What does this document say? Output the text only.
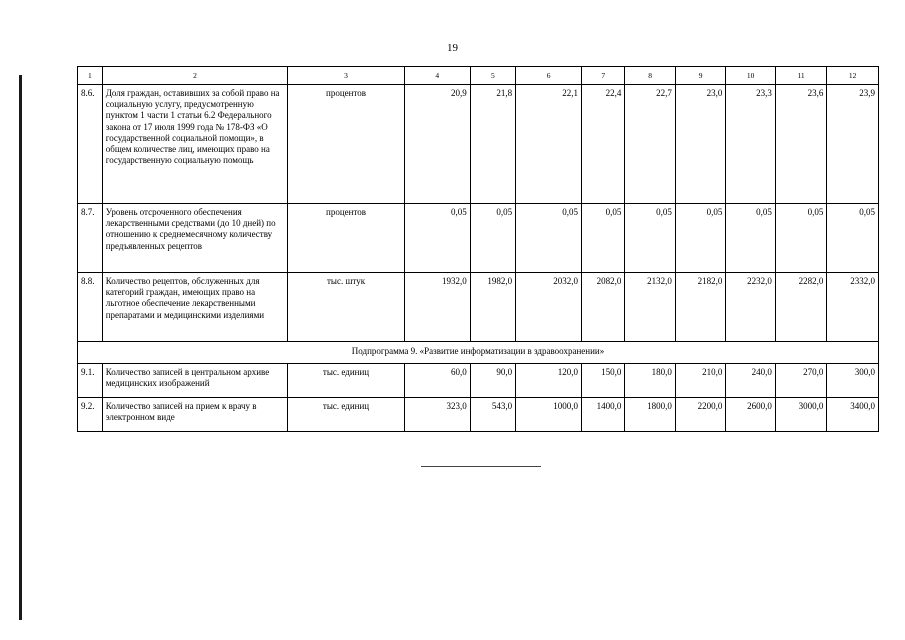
19
1	2	3	4	5	6	7	8	9	10	11	12
8.6.	Доля граждан, оставивших за собой право на социальную услугу, предусмотренную пунктом 1 части 1 статьи 6.2 Федерального закона от 17 июля 1999 года № 178-ФЗ «О государственной социальной помощи», в общем количестве лиц, имеющих право на государственную социальную помощь	процентов	20,9	21,8	22,1	22,4	22,7	23,0	23,3	23,6	23,9
8.7.	Уровень отсроченного обеспечения лекарственными средствами (до 10 дней) по отношению к среднемесячному количеству предъявленных рецептов	процентов	0,05	0,05	0,05	0,05	0,05	0,05	0,05	0,05	0,05
8.8.	Количество рецептов, обслуженных для категорий граждан, имеющих право на льготное обеспечение лекарственными препаратами и медицинскими изделиями	тыс. штук	1932,0	1982,0	2032,0	2082,0	2132,0	2182,0	2232,0	2282,0	2332,0
Подпрограмма 9. «Развитие информатизации в здравоохранении»											
9.1.	Количество записей в центральном архиве медицинских изображений	тыс. единиц	60,0	90,0	120,0	150,0	180,0	210,0	240,0	270,0	300,0
9.2.	Количество записей на прием к врачу в электронном виде	тыс. единиц	323,0	543,0	1000,0	1400,0	1800,0	2200,0	2600,0	3000,0	3400,0
